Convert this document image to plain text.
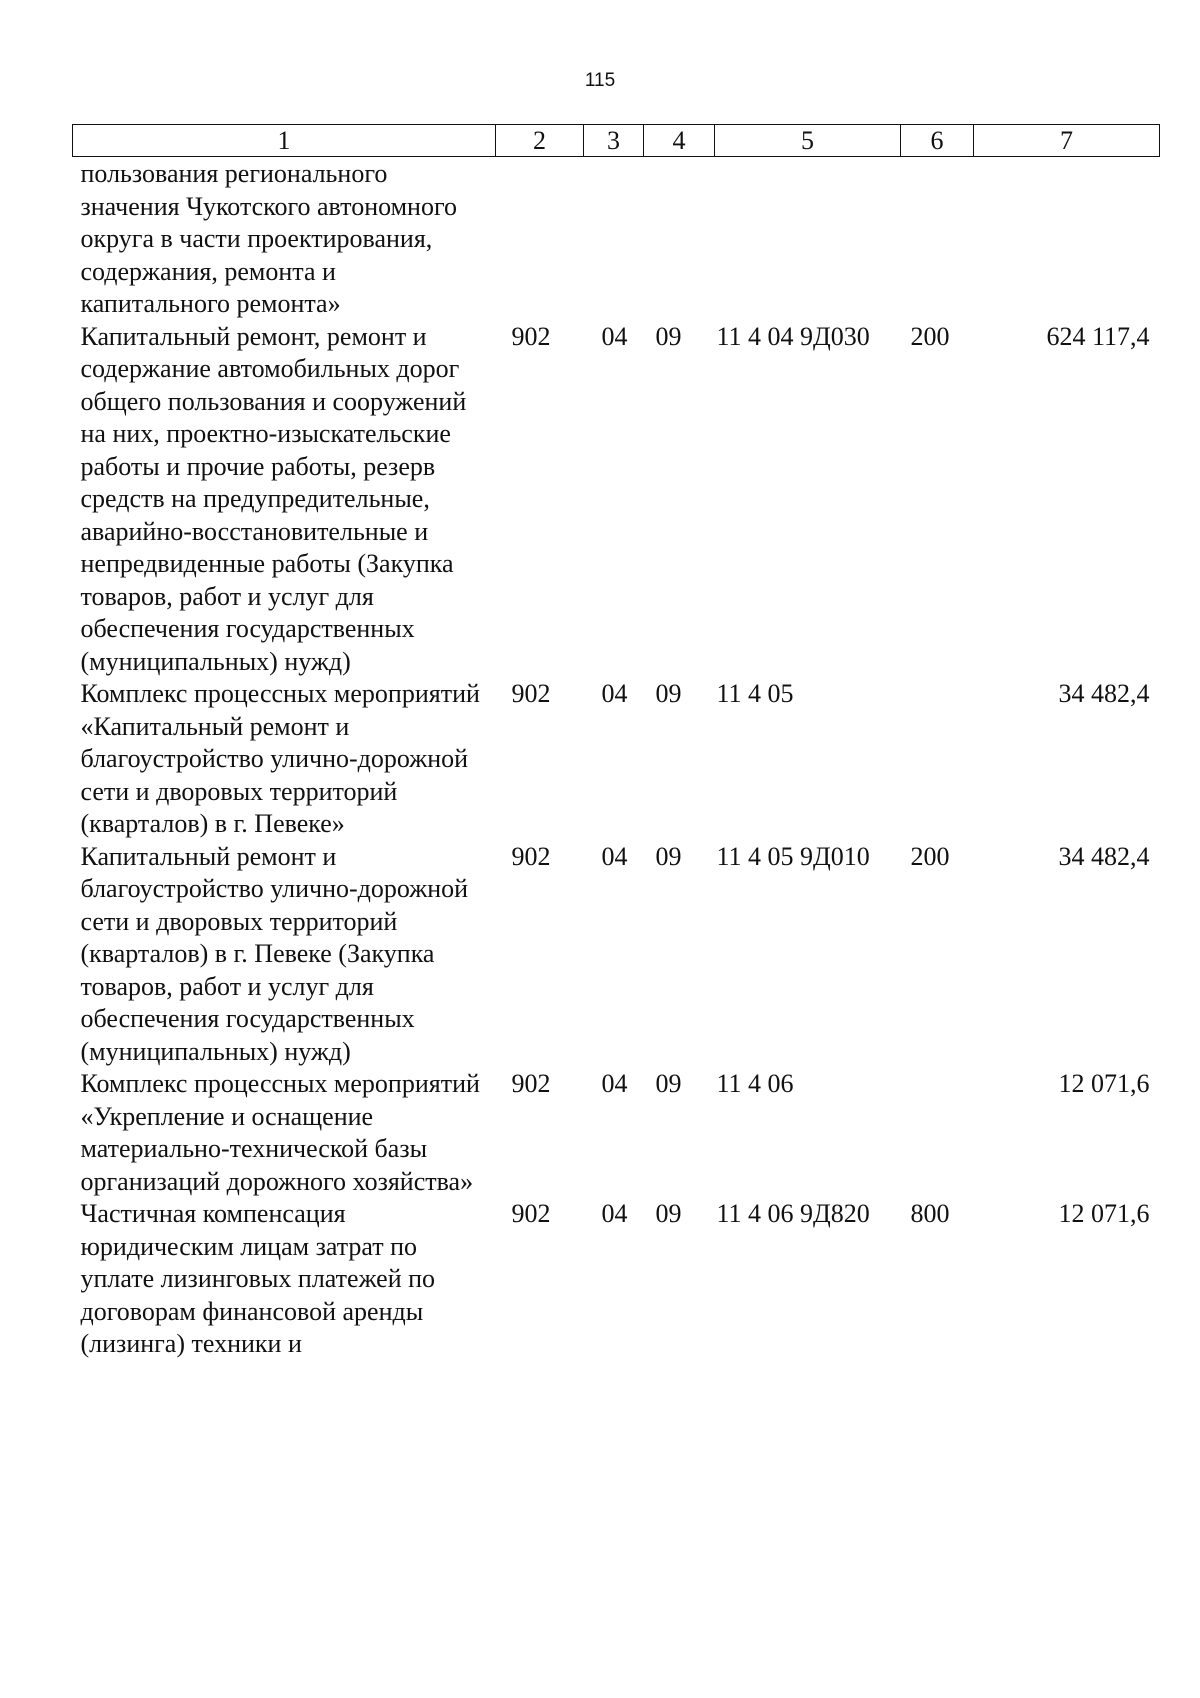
115
1	2	3	4	5	6	7
пользования регионального значения Чукотского автономного округа в части проектирования, содержания, ремонта и капитального ремонта»						
Капитальный ремонт, ремонт и содержание автомобильных дорог общего пользования и сооружений на них, проектно-изыскательские работы и прочие работы, резерв средств на предупредительные, аварийно-восстановительные и непредвиденные работы (Закупка товаров, работ и услуг для обеспечения государственных (муниципальных) нужд)	902	04	09	11 4 04 9Д030	200	624 117,4
Комплекс процессных мероприятий «Капитальный ремонт и благоустройство улично-дорожной сети и дворовых территорий (кварталов) в г. Певеке»	902	04	09	11 4 05		34 482,4
Капитальный ремонт и благоустройство улично-дорожной сети и дворовых территорий (кварталов) в г. Певеке (Закупка товаров, работ и услуг для обеспечения государственных (муниципальных) нужд)	902	04	09	11 4 05 9Д010	200	34 482,4
Комплекс процессных мероприятий «Укрепление и оснащение материально-технической базы организаций дорожного хозяйства»	902	04	09	11 4 06		12 071,6
Частичная компенсация юридическим лицам затрат по уплате лизинговых платежей по договорам финансовой аренды (лизинга) техники и	902	04	09	11 4 06 9Д820	800	12 071,6
